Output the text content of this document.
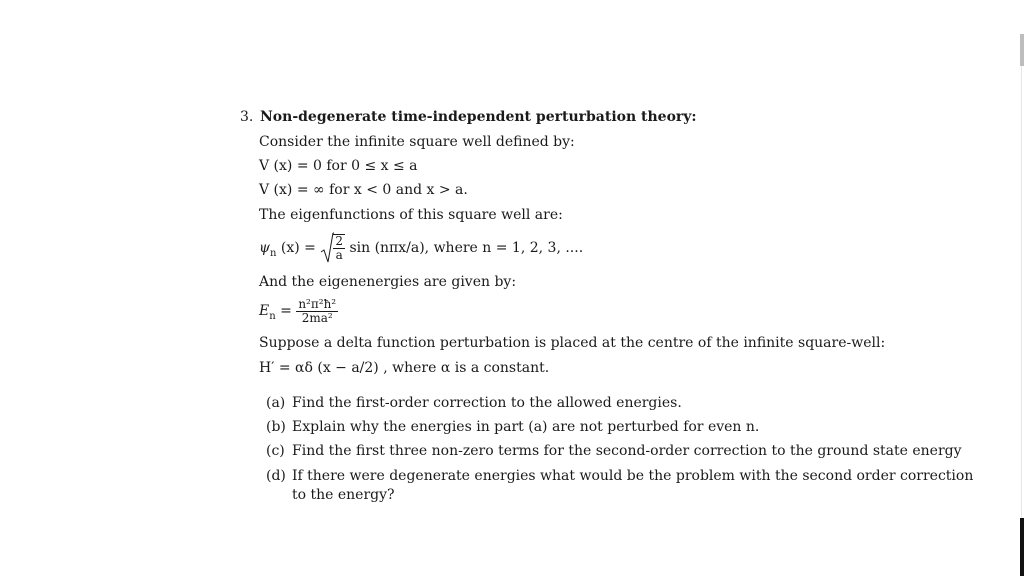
3. Non-degenerate time-independent perturbation theory:
Consider the infinite square well defined by:
V (x) = 0 for 0 ≤ x ≤ a
V (x) = ∞ for x < 0 and x > a.
The eigenfunctions of this square well are:
$\psi_n$ $(x) = \frac{2}{a}$ sin (nπx/a), where n = 1, 2, 3, ....
And the eigenenergies are given by:
$E_n = \frac{\text{n²π²ħ²}}{\text{2ma²}}$
Suppose a delta function perturbation is placed at the centre of the infinite square-well:
H′ = αδ (x − a/2) , where α is a constant.
(a) Find the first-order correction to the allowed energies.
(b) Explain why the energies in part (a) are not perturbed for even n.
(c) Find the first three non-zero terms for the second-order correction to the ground state energy
(d) If there were degenerate energies what would be the problem with the second order correction
to the energy?
